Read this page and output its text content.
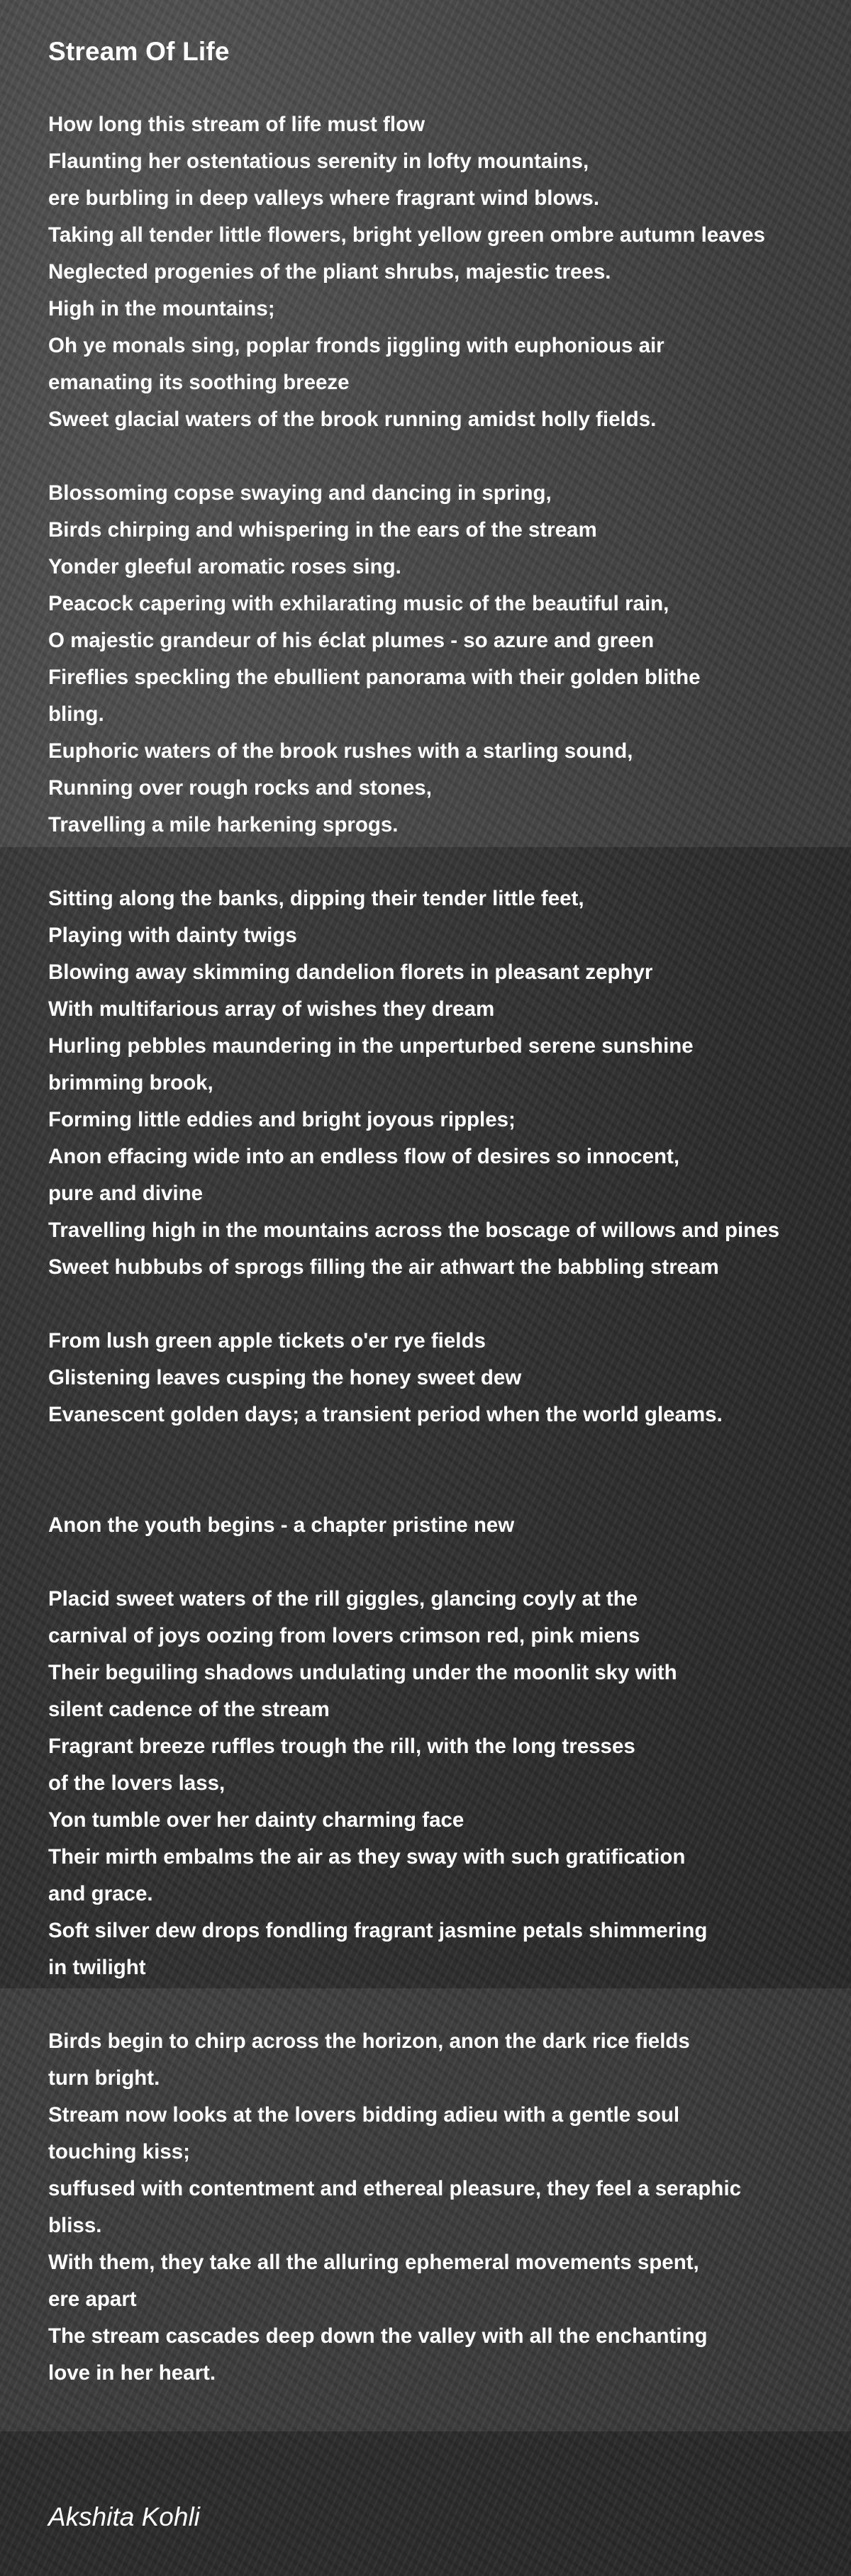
Stream Of Life
How long this stream of life must flow
Flaunting her ostentatious serenity in lofty mountains,
ere burbling in deep valleys where fragrant wind blows.
Taking all tender little flowers, bright yellow green ombre autumn leaves
Neglected progenies of the pliant shrubs, majestic trees.
High in the mountains;
Oh ye monals sing, poplar fronds jiggling with euphonious air
emanating its soothing breeze
Sweet glacial waters of the brook running amidst holly fields.
Blossoming copse swaying and dancing in spring,
Birds chirping and whispering in the ears of the stream
Yonder gleeful aromatic roses sing.
Peacock capering with exhilarating music of the beautiful rain,
O majestic grandeur of his éclat plumes - so azure and green
Fireflies speckling the ebullient panorama with their golden blithe
bling.
Euphoric waters of the brook rushes with a starling sound,
Running over rough rocks and stones,
Travelling a mile harkening sprogs.
Sitting along the banks, dipping their tender little feet,
Playing with dainty twigs
Blowing away skimming dandelion florets in pleasant zephyr
With multifarious array of wishes they dream
Hurling pebbles maundering in the unperturbed serene sunshine
brimming brook,
Forming little eddies and bright joyous ripples;
Anon effacing wide into an endless flow of desires so innocent,
pure and divine
Travelling high in the mountains across the boscage of willows and pines
Sweet hubbubs of sprogs filling the air athwart the babbling stream
From lush green apple tickets o'er rye fields
Glistening leaves cusping the honey sweet dew
Evanescent golden days; a transient period when the world gleams.
Anon the youth begins - a chapter pristine new
Placid sweet waters of the rill giggles, glancing coyly at the
carnival of joys oozing from lovers crimson red, pink miens
Their beguiling shadows undulating under the moonlit sky with
silent cadence of the stream
Fragrant breeze ruffles trough the rill, with the long tresses
of the lovers lass,
Yon tumble over her dainty charming face
Their mirth embalms the air as they sway with such gratification
and grace.
Soft silver dew drops fondling fragrant jasmine petals shimmering
in twilight
Birds begin to chirp across the horizon, anon the dark rice fields
turn bright.
Stream now looks at the lovers bidding adieu with a gentle soul
touching kiss;
suffused with contentment and ethereal pleasure, they feel a seraphic
bliss.
With them, they take all the alluring ephemeral movements spent,
ere apart
The stream cascades deep down the valley with all the enchanting
love in her heart.
Akshita Kohli
